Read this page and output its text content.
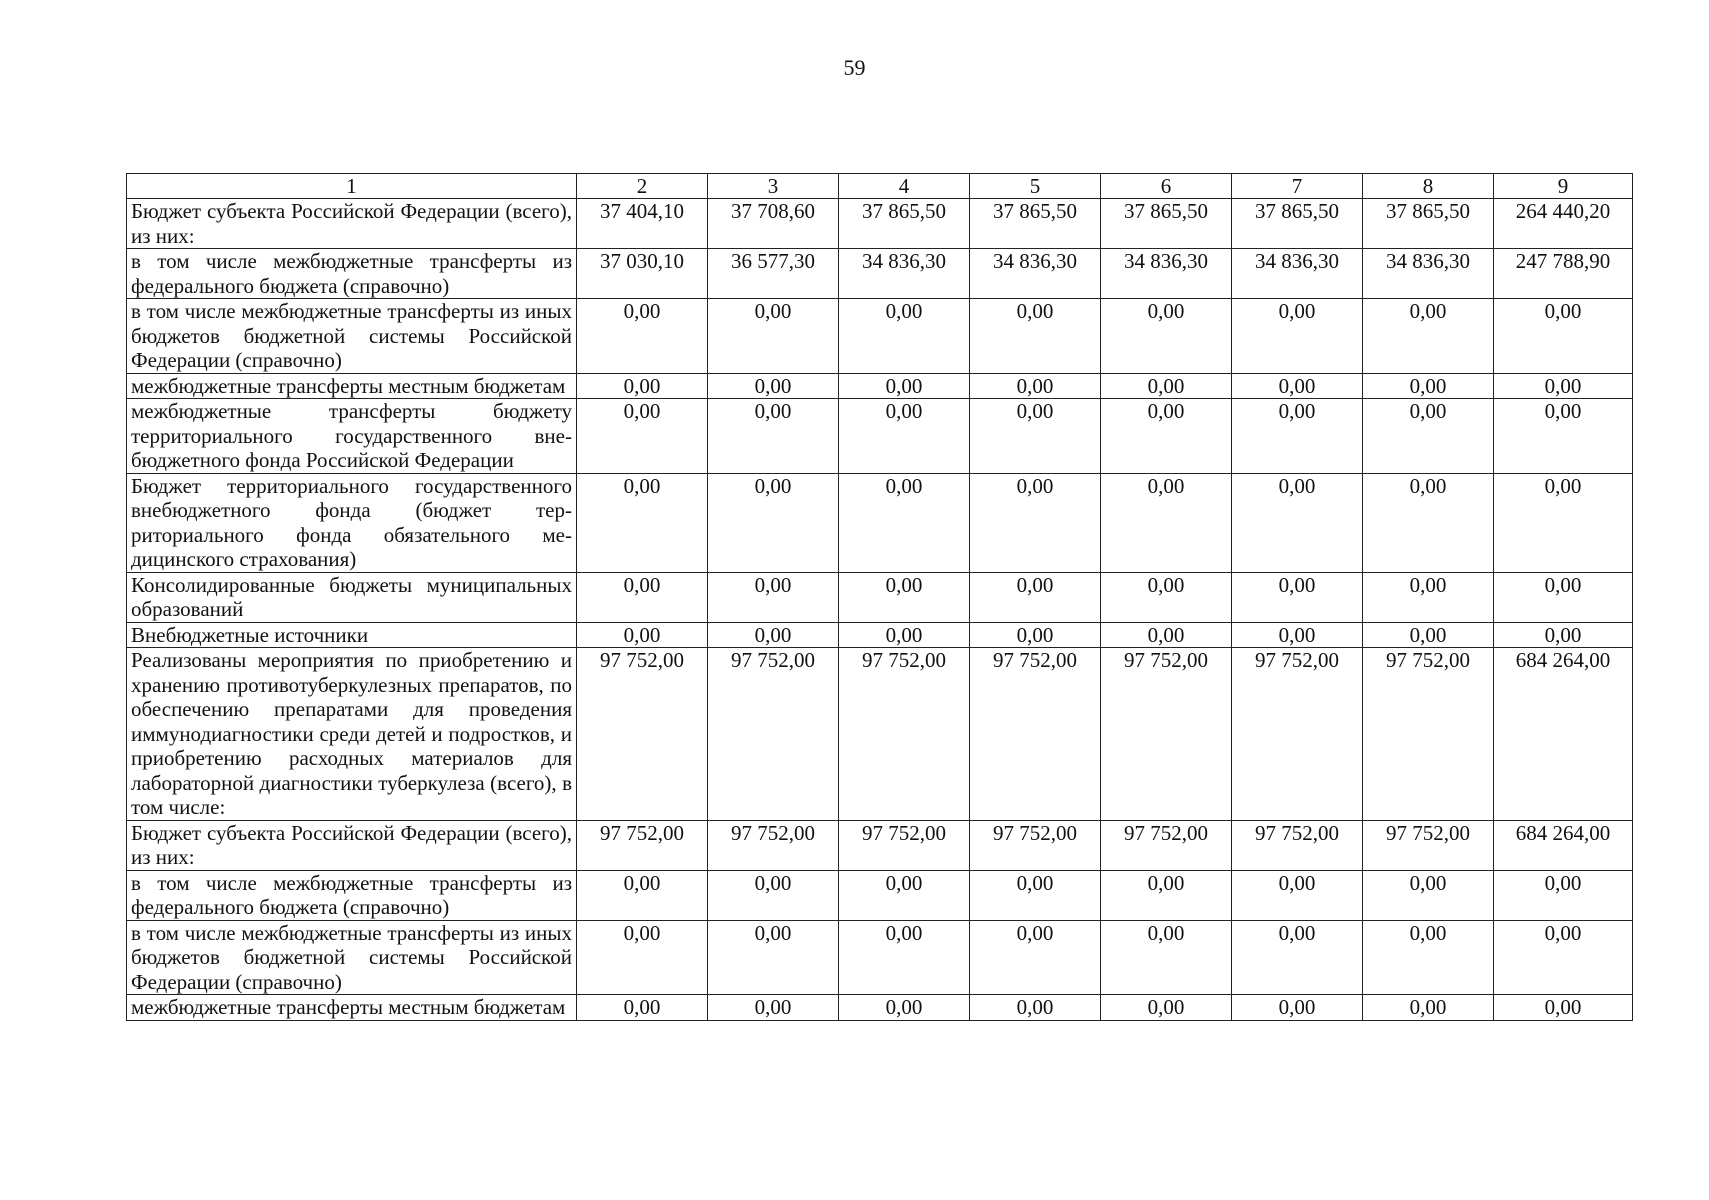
59
1	2	3	4	5	6	7	8	9
Бюджет субъекта Российской Федерации (всего), из них:	37 404,10	37 708,60	37 865,50	37 865,50	37 865,50	37 865,50	37 865,50	264 440,20
в том числе межбюджетные трансферты из федерального бюджета (справочно)	37 030,10	36 577,30	34 836,30	34 836,30	34 836,30	34 836,30	34 836,30	247 788,90
в том числе межбюджетные трансферты из иных бюджетов бюджетной системы Российской Федерации (справочно)	0,00	0,00	0,00	0,00	0,00	0,00	0,00	0,00
межбюджетные трансферты местным бюджетам	0,00	0,00	0,00	0,00	0,00	0,00	0,00	0,00
межбюджетные трансферты бюджету территориального государственного внебюджетного фонда Российской Федерации	0,00	0,00	0,00	0,00	0,00	0,00	0,00	0,00
Бюджет территориального государственного внебюджетного фонда (бюджет территориального фонда обязательного медицинского страхования)	0,00	0,00	0,00	0,00	0,00	0,00	0,00	0,00
Консолидированные бюджеты муниципальных образований	0,00	0,00	0,00	0,00	0,00	0,00	0,00	0,00
Внебюджетные источники	0,00	0,00	0,00	0,00	0,00	0,00	0,00	0,00
Реализованы мероприятия по приобретению и хранению противотуберкулезных препаратов, по обеспечению препаратами для проведения иммунодиагностики среди детей и подростков, и приобретению расходных материалов для лабораторной диагностики туберкулеза (всего), в том числе:	97 752,00	97 752,00	97 752,00	97 752,00	97 752,00	97 752,00	97 752,00	684 264,00
Бюджет субъекта Российской Федерации (всего), из них:	97 752,00	97 752,00	97 752,00	97 752,00	97 752,00	97 752,00	97 752,00	684 264,00
в том числе межбюджетные трансферты из федерального бюджета (справочно)	0,00	0,00	0,00	0,00	0,00	0,00	0,00	0,00
в том числе межбюджетные трансферты из иных бюджетов бюджетной системы Российской Федерации (справочно)	0,00	0,00	0,00	0,00	0,00	0,00	0,00	0,00
межбюджетные трансферты местным бюджетам	0,00	0,00	0,00	0,00	0,00	0,00	0,00	0,00
